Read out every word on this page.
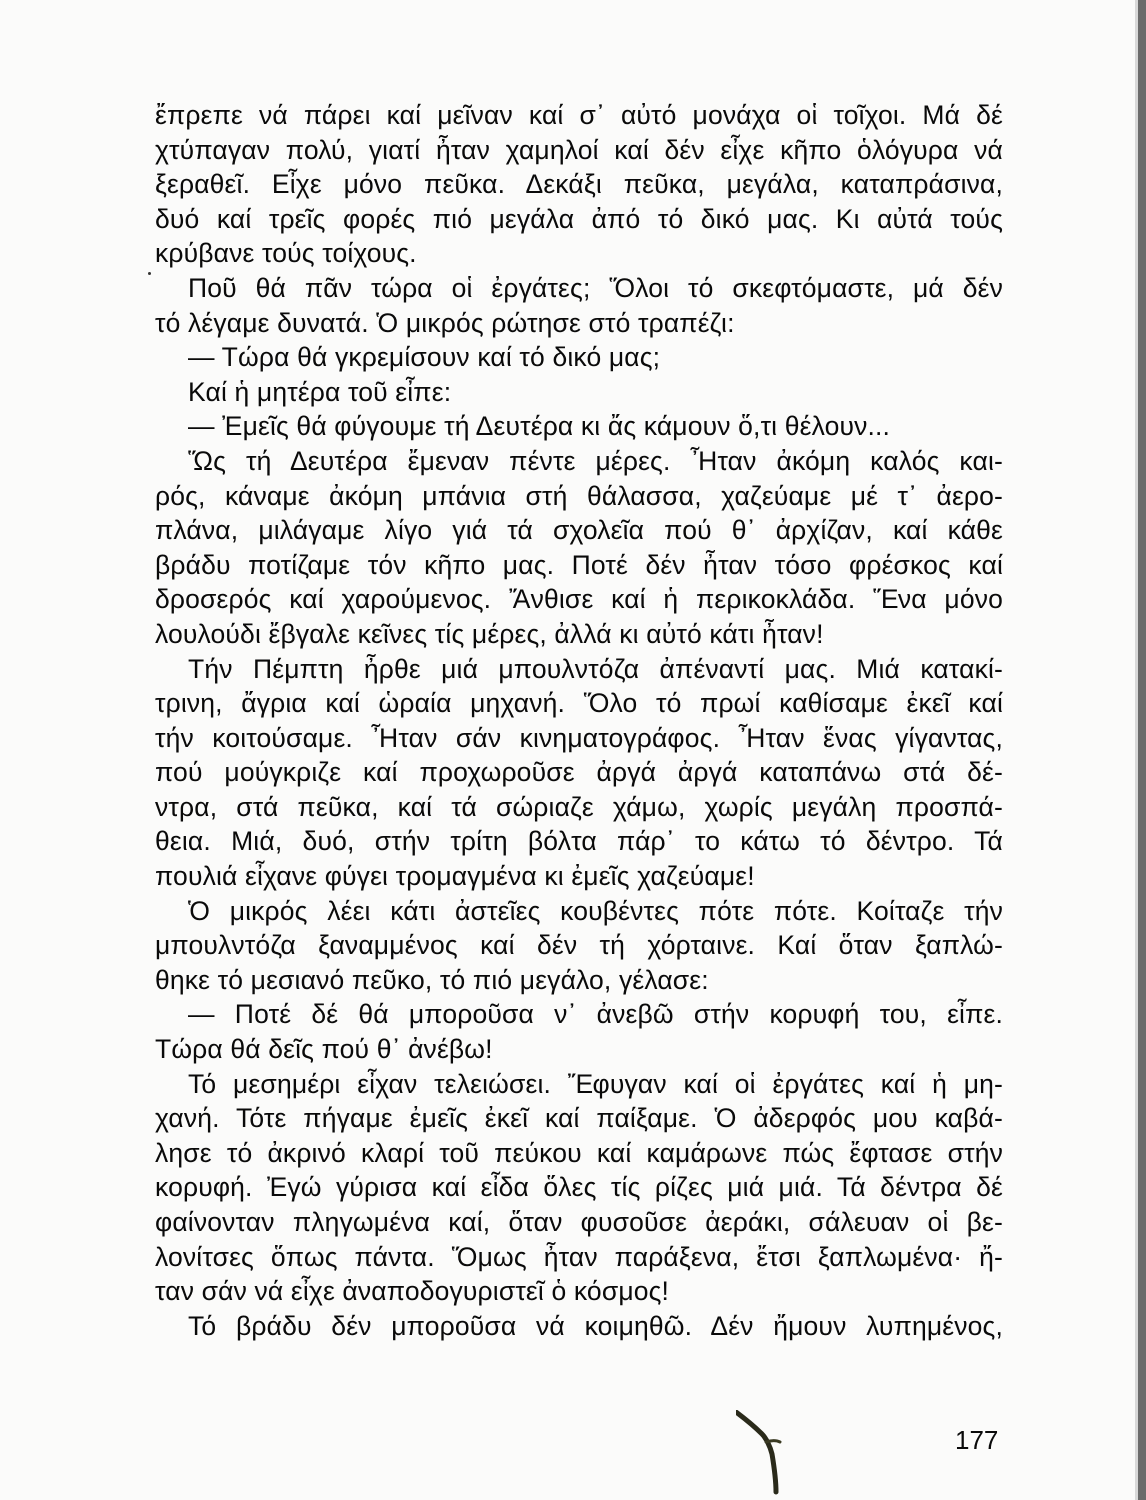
ἔπρεπε νά πάρει καί μεῖναν καί σ᾽ αὐτό μονάχα οἱ τοῖχοι. Μά δέ
χτύπαγαν πολύ, γιατί ἦταν χαμηλοί καί δέν εἶχε κῆπο ὁλόγυρα νά
ξεραθεῖ. Εἶχε μόνο πεῦκα. Δεκάξι πεῦκα, μεγάλα, καταπράσινα,
δυό καί τρεῖς φορές πιό μεγάλα ἀπό τό δικό μας. Κι αὐτά τούς
κρύβανε τούς τοίχους.
Ποῦ θά πᾶν τώρα οἱ ἐργάτες; Ὅλοι τό σκεφτόμαστε, μά δέν
τό λέγαμε δυνατά. Ὁ μικρός ρώτησε στό τραπέζι:
— Τώρα θά γκρεμίσουν καί τό δικό μας;
Καί ἡ μητέρα τοῦ εἶπε:
— Ἐμεῖς θά φύγουμε τή Δευτέρα κι ἄς κάμουν ὅ,τι θέλουν...
Ὥς τή Δευτέρα ἔμεναν πέντε μέρες. Ἦταν ἀκόμη καλός και-
ρός, κάναμε ἀκόμη μπάνια στή θάλασσα, χαζεύαμε μέ τ᾽ ἀερο-
πλάνα, μιλάγαμε λίγο γιά τά σχολεῖα πού θ᾽ ἀρχίζαν, καί κάθε
βράδυ ποτίζαμε τόν κῆπο μας. Ποτέ δέν ἦταν τόσο φρέσκος καί
δροσερός καί χαρούμενος. Ἄνθισε καί ἡ περικοκλάδα. Ἕνα μόνο
λουλούδι ἔβγαλε κεῖνες τίς μέρες, ἀλλά κι αὐτό κάτι ἦταν!
Τήν Πέμπτη ἦρθε μιά μπουλντόζα ἀπέναντί μας. Μιά κατακί-
τρινη, ἄγρια καί ὡραία μηχανή. Ὅλο τό πρωί καθίσαμε ἐκεῖ καί
τήν κοιτούσαμε. Ἦταν σάν κινηματογράφος. Ἦταν ἕνας γίγαντας,
πού μούγκριζε καί προχωροῦσε ἀργά ἀργά καταπάνω στά δέ-
ντρα, στά πεῦκα, καί τά σώριαζε χάμω, χωρίς μεγάλη προσπά-
θεια. Μιά, δυό, στήν τρίτη βόλτα πάρ᾽ το κάτω τό δέντρο. Τά
πουλιά εἶχανε φύγει τρομαγμένα κι ἐμεῖς χαζεύαμε!
Ὁ μικρός λέει κάτι ἀστεῖες κουβέντες πότε πότε. Κοίταζε τήν
μπουλντόζα ξαναμμένος καί δέν τή χόρταινε. Καί ὅταν ξαπλώ-
θηκε τό μεσιανό πεῦκο, τό πιό μεγάλο, γέλασε:
— Ποτέ δέ θά μποροῦσα ν᾽ ἀνεβῶ στήν κορυφή του, εἶπε.
Τώρα θά δεῖς πού θ᾽ ἀνέβω!
Τό μεσημέρι εἶχαν τελειώσει. Ἔφυγαν καί οἱ ἐργάτες καί ἡ μη-
χανή. Τότε πήγαμε ἐμεῖς ἐκεῖ καί παίξαμε. Ὁ ἀδερφός μου καβά-
λησε τό ἀκρινό κλαρί τοῦ πεύκου καί καμάρωνε πώς ἔφτασε στήν
κορυφή. Ἐγώ γύρισα καί εἶδα ὅλες τίς ρίζες μιά μιά. Τά δέντρα δέ
φαίνονταν πληγωμένα καί, ὅταν φυσοῦσε ἀεράκι, σάλευαν οἱ βε-
λονίτσες ὅπως πάντα. Ὅμως ἦταν παράξενα, ἔτσι ξαπλωμένα· ἤ-
ταν σάν νά εἶχε ἀναποδογυριστεῖ ὁ κόσμος!
Τό βράδυ δέν μποροῦσα νά κοιμηθῶ. Δέν ἤμουν λυπημένος,
177
